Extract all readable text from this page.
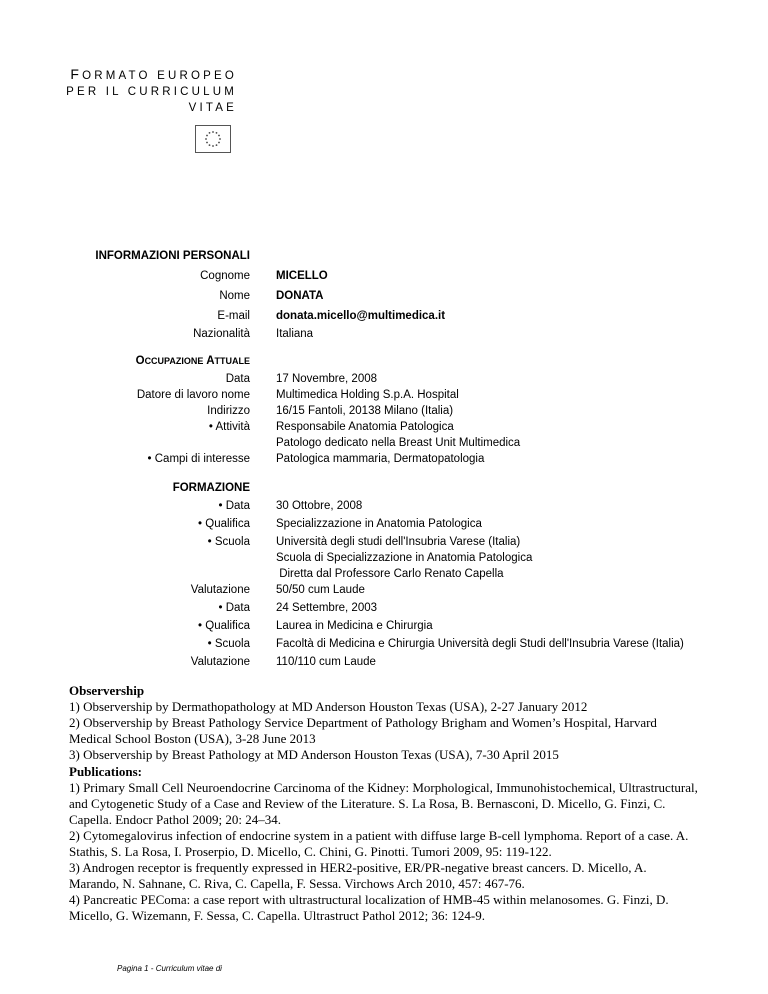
FORMATO EUROPEO
PER IL CURRICULUM
VITAE
INFORMAZIONI PERSONALI
Cognome MICELLO
Nome DONATA
E-mail donata.micello@multimedica.it
Nazionalità Italiana
OCCUPAZIONE ATTUALE
Data 17 Novembre, 2008
Datore di lavoro nome Multimedica Holding S.p.A. Hospital
Indirizzo 16/15 Fantoli, 20138 Milano (Italia)
• Attività Responsabile Anatomia Patologica
Patologo dedicato nella Breast Unit Multimedica
• Campi di interesse Patologica mammaria, Dermatopatologia
FORMAZIONE
• Data 30 Ottobre, 2008
• Qualifica Specializzazione in Anatomia Patologica
• Scuola Università degli studi dell'Insubria Varese (Italia)
Scuola di Specializzazione in Anatomia Patologica
Diretta dal Professore Carlo Renato Capella
Valutazione 50/50 cum Laude
• Data 24 Settembre, 2003
• Qualifica Laurea in Medicina e Chirurgia
• Scuola Facoltà di Medicina e Chirurgia Università degli Studi dell'Insubria Varese (Italia)
Valutazione 110/110 cum Laude

Observership

1) Observership by Dermathopathology at MD Anderson Houston Texas (USA), 2-27 January 2012

2) Observership by Breast Pathology Service Department of Pathology Brigham and Women’s Hospital, Harvard Medical School Boston (USA), 3-28 June 2013

3) Observership by Breast Pathology at MD Anderson Houston Texas (USA), 7-30 April 2015

Publications:

1) Primary Small Cell Neuroendocrine Carcinoma of the Kidney: Morphological, Immunohistochemical, Ultrastructural, and Cytogenetic Study of a Case and Review of the Literature. S. La Rosa, B. Bernasconi, D. Micello, G. Finzi, C. Capella. Endocr Pathol 2009; 20: 24–34.

2) Cytomegalovirus infection of endocrine system in a patient with diffuse large B-cell lymphoma. Report of a case. A. Stathis, S. La Rosa, I. Proserpio, D. Micello, C. Chini, G. Pinotti. Tumori 2009, 95: 119-122.

3) Androgen receptor is frequently expressed in HER2-positive, ER/PR-negative breast cancers. D. Micello, A. Marando, N. Sahnane, C. Riva, C. Capella, F. Sessa. Virchows Arch 2010, 457: 467-76.

4) Pancreatic PEComa: a case report with ultrastructural localization of HMB-45 within melanosomes. G. Finzi, D. Micello, G. Wizemann, F. Sessa, C. Capella. Ultrastruct Pathol 2012; 36: 124-9.

Pagina 1 - Curriculum vitae di
